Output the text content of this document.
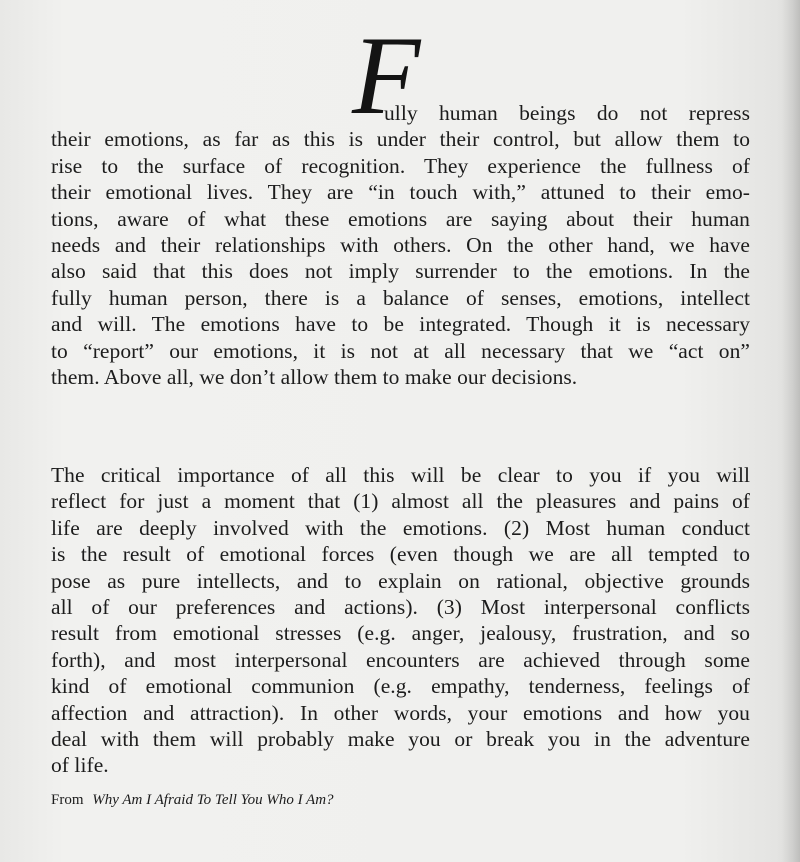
F
ully human beings do not repress
their emotions, as far as this is under their control, but allow them to
rise to the surface of recognition. They experience the fullness of
their emotional lives. They are “in touch with,” attuned to their emo-
tions, aware of what these emotions are saying about their human
needs and their relationships with others. On the other hand, we have
also said that this does not imply surrender to the emotions. In the
fully human person, there is a balance of senses, emotions, intellect
and will. The emotions have to be integrated. Though it is necessary
to “report” our emotions, it is not at all necessary that we “act on”
them. Above all, we don’t allow them to make our decisions.
The critical importance of all this will be clear to you if you will
reflect for just a moment that (1) almost all the pleasures and pains of
life are deeply involved with the emotions. (2) Most human conduct
is the result of emotional forces (even though we are all tempted to
pose as pure intellects, and to explain on rational, objective grounds
all of our preferences and actions). (3) Most interpersonal conflicts
result from emotional stresses (e.g. anger, jealousy, frustration, and so
forth), and most interpersonal encounters are achieved through some
kind of emotional communion (e.g. empathy, tenderness, feelings of
affection and attraction). In other words, your emotions and how you
deal with them will probably make you or break you in the adventure
of life.
From Why Am I Afraid To Tell You Who I Am?
